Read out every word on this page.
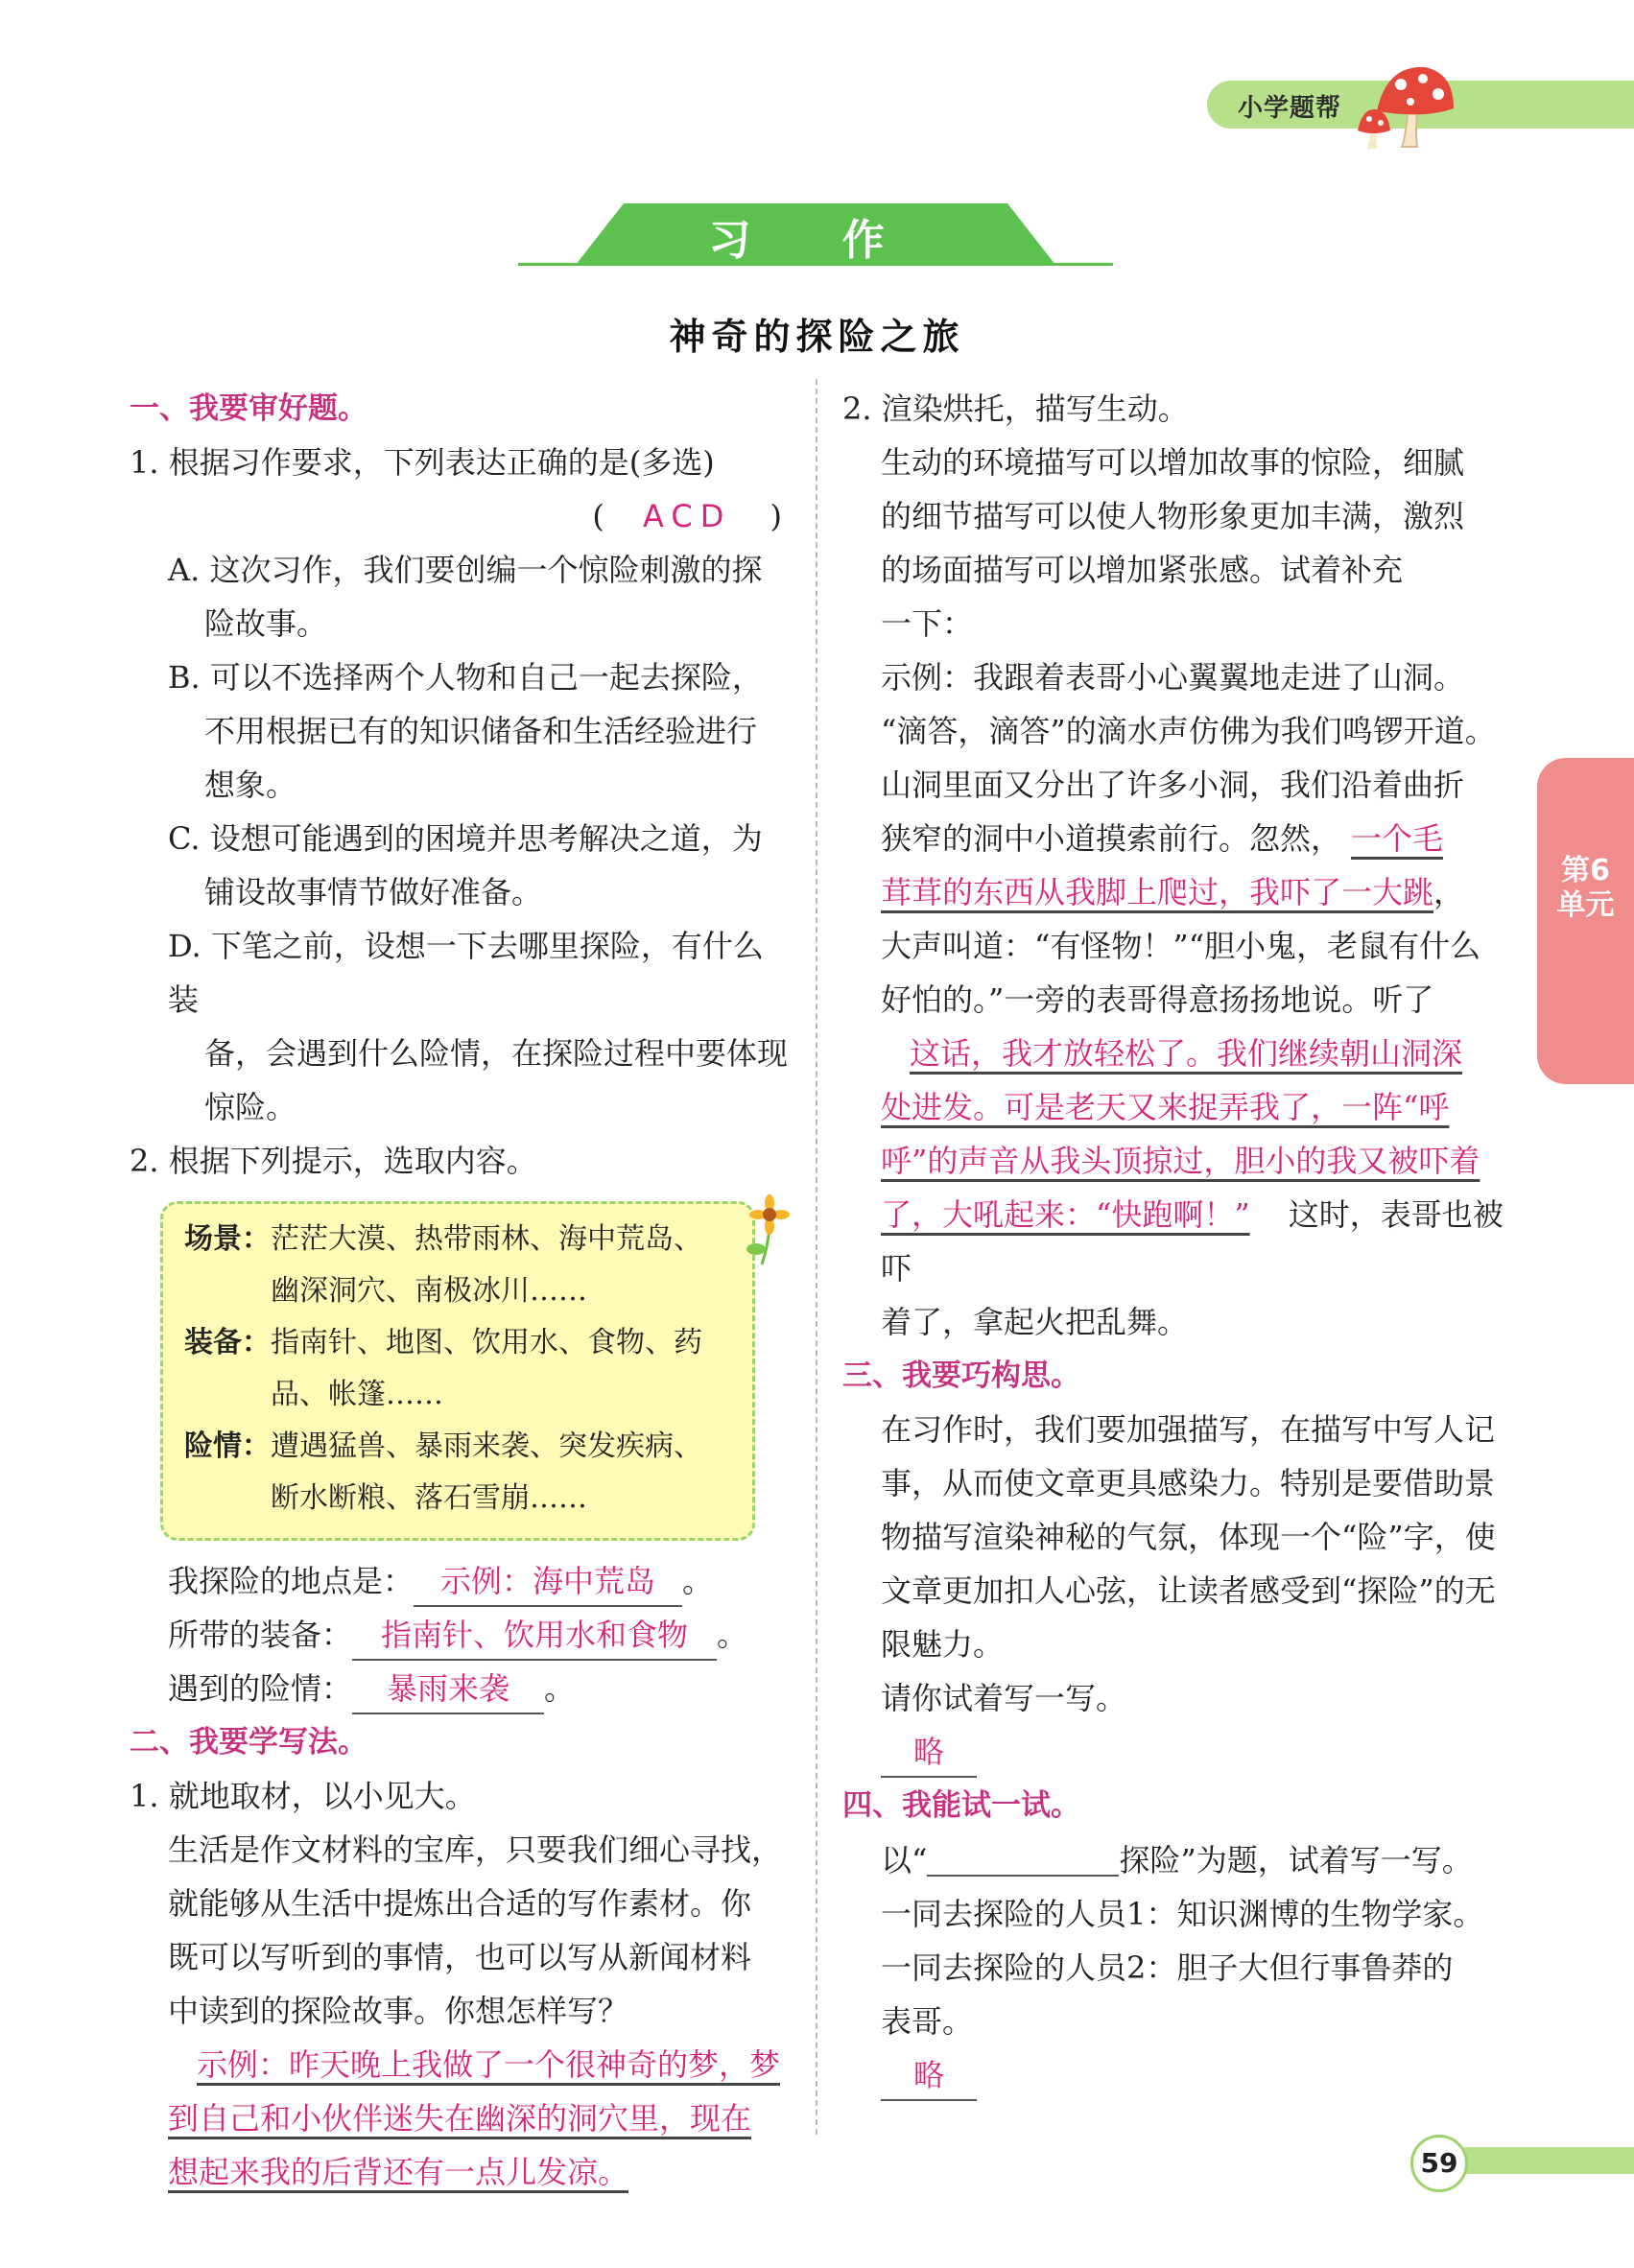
小学题帮
习 作
神奇的探险之旅
一、我要审好题。
1. 根据习作要求，下列表达正确的是(多选)
( ACD )
A. 这次习作，我们要创编一个惊险刺激的探
险故事。
B. 可以不选择两个人物和自己一起去探险，
不用根据已有的知识储备和生活经验进行
想象。
C. 设想可能遇到的困境并思考解决之道，为
铺设故事情节做好准备。
D. 下笔之前，设想一下去哪里探险，有什么装
备，会遇到什么险情，在探险过程中要体现
惊险。
2. 根据下列提示，选取内容。
场景：茫茫大漠、热带雨林、海中荒岛、
幽深洞穴、南极冰川……
装备：指南针、地图、饮用水、食物、药
品、帐篷……
险情：遭遇猛兽、暴雨来袭、突发疾病、
断水断粮、落石雪崩……
我探险的地点是： 示例：海中荒岛 。
所带的装备： 指南针、饮用水和食物 。
遇到的险情： 暴雨来袭 。
二、我要学写法。
1. 就地取材，以小见大。
生活是作文材料的宝库，只要我们细心寻找，
就能够从生活中提炼出合适的写作素材。你
既可以写听到的事情，也可以写从新闻材料
中读到的探险故事。你想怎样写？
示例：昨天晚上我做了一个很神奇的梦，梦
到自己和小伙伴迷失在幽深的洞穴里，现在
想起来我的后背还有一点儿发凉。
2. 渲染烘托，描写生动。
生动的环境描写可以增加故事的惊险，细腻
的细节描写可以使人物形象更加丰满，激烈
的场面描写可以增加紧张感。试着补充
一下：
示例：我跟着表哥小心翼翼地走进了山洞。
“滴答，滴答”的滴水声仿佛为我们鸣锣开道。
山洞里面又分出了许多小洞，我们沿着曲折
狭窄的洞中小道摸索前行。忽然， 一个毛
茸茸的东西从我脚上爬过，我吓了一大跳，
大声叫道：“有怪物！”“胆小鬼，老鼠有什么
好怕的。”一旁的表哥得意扬扬地说。听了
这话，我才放轻松了。我们继续朝山洞深
处进发。可是老天又来捉弄我了，一阵“呼
呼”的声音从我头顶掠过，胆小的我又被吓着
了，大吼起来：“快跑啊！” 这时，表哥也被吓
着了，拿起火把乱舞。
三、我要巧构思。
在习作时，我们要加强描写，在描写中写人记
事，从而使文章更具感染力。特别是要借助景
物描写渲染神秘的气氛，体现一个“险”字，使
文章更加扣人心弦，让读者感受到“探险”的无
限魅力。
请你试着写一写。
略
四、我能试一试。
以“	探险”为题，试着写一写。
一同去探险的人员1：知识渊博的生物学家。
一同去探险的人员2：胆子大但行事鲁莽的
表哥。
略
第6
单元
59
